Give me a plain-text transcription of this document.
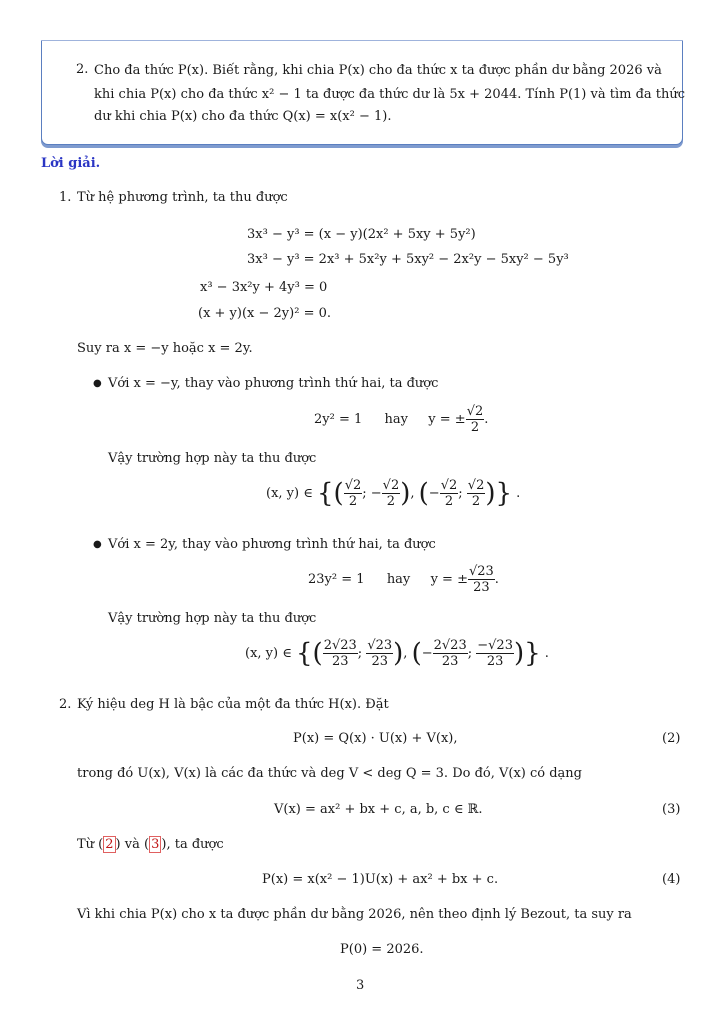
2. Cho đa thức P(x). Biết rằng, khi chia P(x) cho đa thức x ta được phần dư bằng 2026 và
khi chia P(x) cho đa thức x² − 1 ta được đa thức dư là 5x + 2044. Tính P(1) và tìm đa thức
dư khi chia P(x) cho đa thức Q(x) = x(x² − 1).
Lời giải.
1. Từ hệ phương trình, ta thu được
3x³ − y³ = (x − y)(2x² + 5xy + 5y²)
3x³ − y³ = 2x³ + 5x²y + 5xy² − 2x²y − 5xy² − 5y³
x³ − 3x²y + 4y³ = 0
(x + y)(x − 2y)² = 0.
Suy ra x = −y hoặc x = 2y.
● Với x = −y, thay vào phương trình thứ hai, ta được
2y² = 1 hay y = ± $\frac{√2}{2}$ .
Vậy trường hợp này ta thu được
(x, y) ∈ {( $\frac{√2}{2}$ ; − $\frac{√2}{2}$ ), (− $\frac{√2}{2}$ ; $\frac{√2}{2}$ )} .
● Với x = 2y, thay vào phương trình thứ hai, ta được
23y² = 1 hay y = ± $\frac{√23}{23}$ .
Vậy trường hợp này ta thu được
(x, y) ∈ {( $\frac{2√23}{23}$ ; $\frac{√23}{23}$ ), (− $\frac{2√23}{23}$ ; $\frac{-√23}{23}$ )} .
2. Ký hiệu deg H là bậc của một đa thức H(x). Đặt
P(x) = Q(x) · U(x) + V(x),	(2)
trong đó U(x), V(x) là các đa thức và deg V < deg Q = 3. Do đó, V(x) có dạng
V(x) = ax² + bx + c, a, b, c ∈ ℝ.	(3)
Từ ( 2 ) và ( 3 ), ta được
P(x) = x(x² − 1)U(x) + ax² + bx + c.	(4)
Vì khi chia P(x) cho x ta được phần dư bằng 2026, nên theo định lý Bezout, ta suy ra
P(0) = 2026.
3
